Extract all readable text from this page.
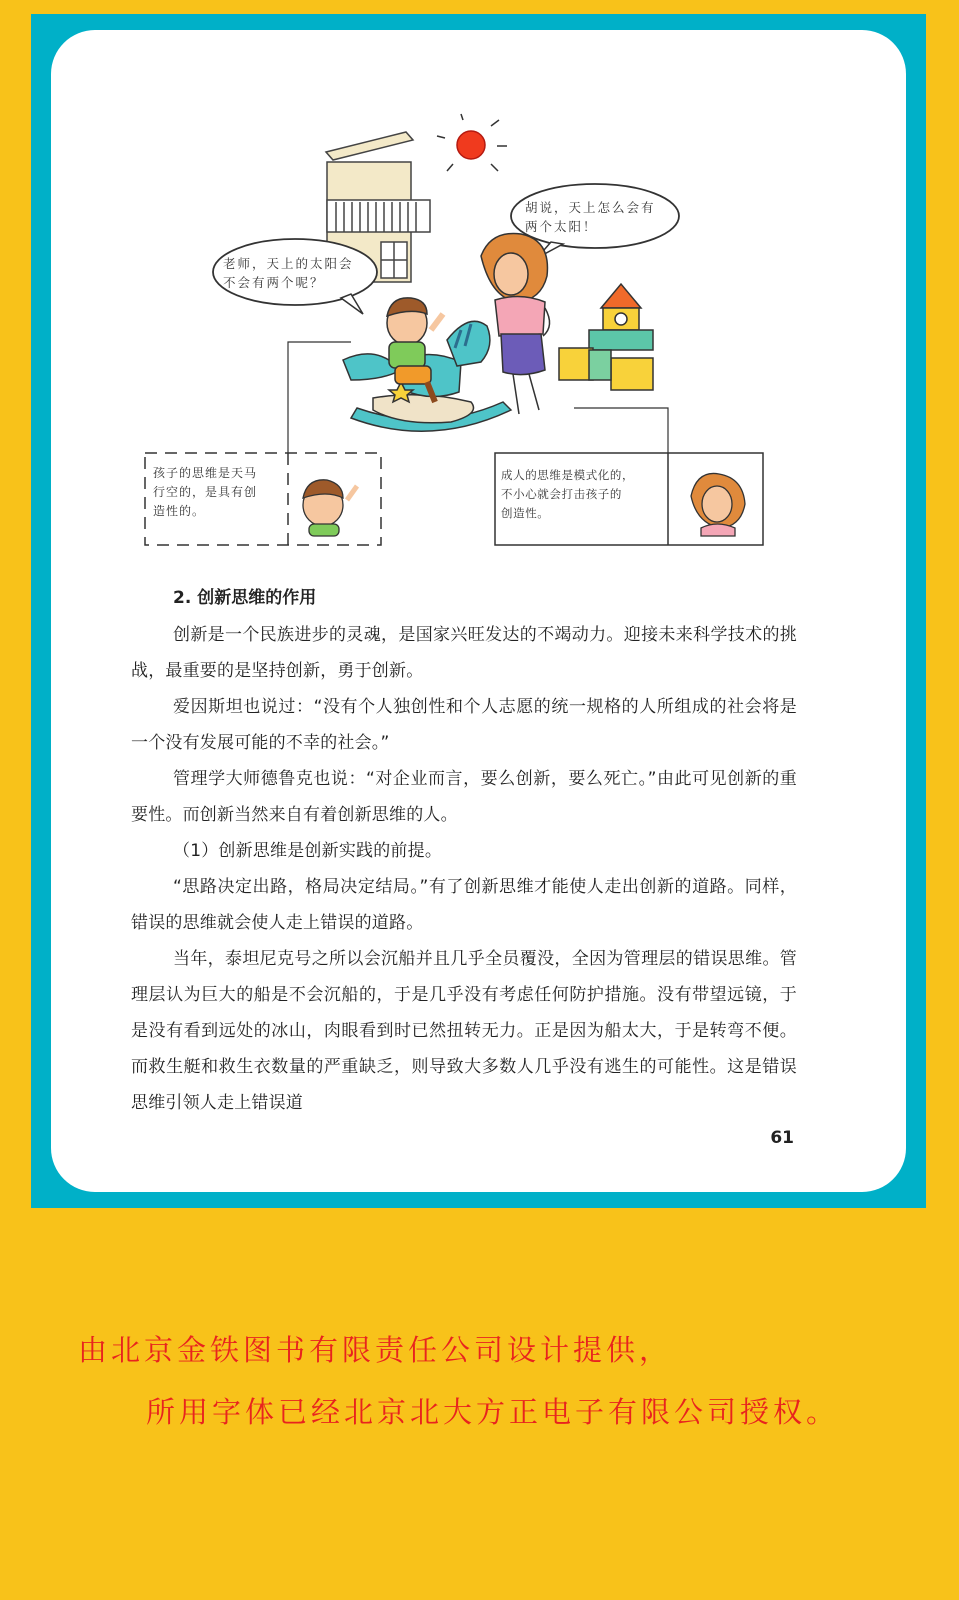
老师，天上的太阳会
不会有两个呢？
胡说，天上怎么会有
两个太阳！
孩子的思维是天马
行空的，是具有创
造性的。
成人的思维是模式化的，
不小心就会打击孩子的
创造性。
2. 创新思维的作用

创新是一个民族进步的灵魂，是国家兴旺发达的不竭动力。迎接未来科学技术的挑战，最重要的是坚持创新，勇于创新。

爱因斯坦也说过：“没有个人独创性和个人志愿的统一规格的人所组成的社会将是一个没有发展可能的不幸的社会。”

管理学大师德鲁克也说：“对企业而言，要么创新，要么死亡。”由此可见创新的重要性。而创新当然来自有着创新思维的人。

（1）创新思维是创新实践的前提。

“思路决定出路，格局决定结局。”有了创新思维才能使人走出创新的道路。同样，错误的思维就会使人走上错误的道路。

当年，泰坦尼克号之所以会沉船并且几乎全员覆没，全因为管理层的错误思维。管理层认为巨大的船是不会沉船的，于是几乎没有考虑任何防护措施。没有带望远镜，于是没有看到远处的冰山，肉眼看到时已然扭转无力。正是因为船太大，于是转弯不便。而救生艇和救生衣数量的严重缺乏，则导致大多数人几乎没有逃生的可能性。这是错误思维引领人走上错误道

61
由北京金铁图书有限责任公司设计提供，
所用字体已经北京北大方正电子有限公司授权。
